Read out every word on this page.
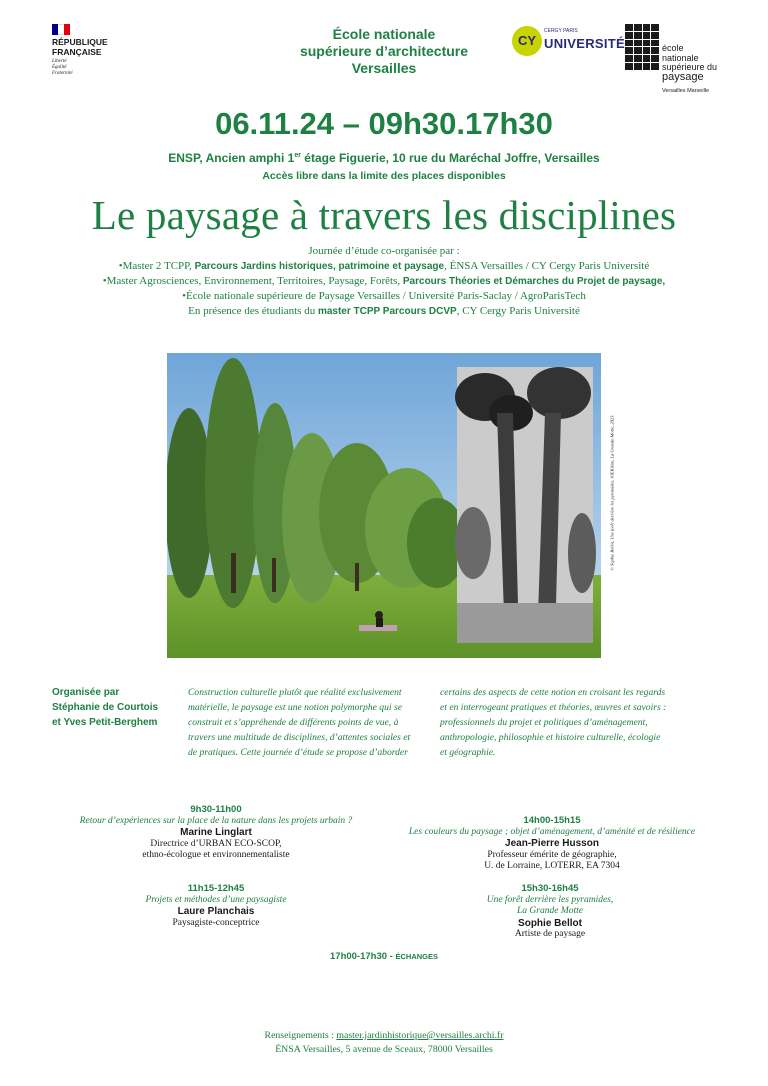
RÉPUBLIQUE
FRANÇAISE
Liberté
Égalité
Fraternité
École nationale
supérieure d’architecture
Versailles
CY
CERGY PARIS
UNIVERSITÉ	école
nationale
supérieure du
paysage
Versailles Marseille
06.11.24 – 09h30.17h30
ENSP, Ancien amphi 1er étage Figuerie, 10 rue du Maréchal Joffre, Versailles
Accès libre dans la limite des places disponibles
Le paysage à travers les disciplines
Journée d’étude co-organisée par :
•Master 2 TCPP, Parcours Jardins historiques, patrimoine et paysage, ÉNSA Versailles / CY Cergy Paris Université
•Master Agrosciences, Environnement, Territoires, Paysage, Forêts, Parcours Théories et Démarches du Projet de paysage,
•École nationale supérieure de Paysage Versailles / Université Paris-Saclay / AgroParisTech
En présence des étudiants du master TCPP Parcours DCVP, CY Cergy Paris Université
© Sophie Bellot, Une forêt derrière les pyramides, #JEKikim, La Grande-Motte, 2023.
Organisée par
Stéphanie de Courtois
et Yves Petit-Berghem
Construction culturelle plutôt que réalité exclusivement
matérielle, le paysage est une notion polymorphe qui se
construit et s’appréhende de différents points de vue, à
travers une multitude de disciplines, d’attentes sociales et
de pratiques. Cette journée d’étude se propose d’aborder
certains des aspects de cette notion en croisant les regards
et en interrogeant pratiques et théories, œuvres et savoirs :
professionnels du projet et politiques d’aménagement,
anthropologie, philosophie et histoire culturelle, écologie
et géographie.
9h30-11h00
Retour d’expériences sur la place de la nature dans les projets urbain ?
Marine Linglart
Directrice d’URBAN ECO-SCOP,
ethno-écologue et environnementaliste
14h00-15h15
Les couleurs du paysage ; objet d’aménagement, d’aménité et de résilience
Jean-Pierre Husson
Professeur émérite de géographie,
U. de Lorraine, LOTERR, EA 7304
11h15-12h45
Projets et méthodes d’une paysagiste
Laure Planchais
Paysagiste-conceptrice
15h30-16h45
Une forêt derrière les pyramides,
La Grande Motte
Sophie Bellot
Artiste de paysage
17h00-17h30 - ÉCHANGES
Renseignements : master.jardinhistorique@versailles.archi.fr
ÉNSA Versailles, 5 avenue de Sceaux, 78000 Versailles
